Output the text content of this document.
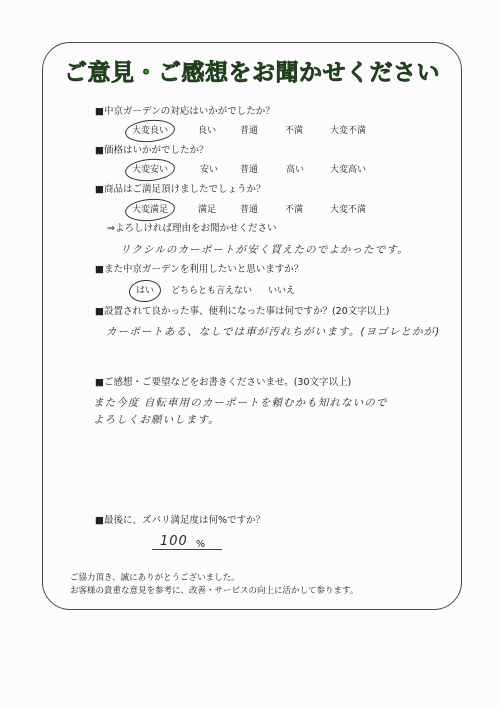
ご意見・ご感想をお聞かせください
■中京ガーデンの対応はいかがでしたか？
大変良い	良い	普通	不満	大変不満
■価格はいかがでしたか？
大変安い	安い 普通	高い	大変高い
■商品はご満足頂けましたでしょうか？
大変満足	満足	普通	不満	大変不満
⇒よろしければ理由をお聞かせください
リクシルのカーポートが安く買えたのでよかったです。
■また中京ガーデンを利用したいと思いますか？
はい どちらとも言えない いいえ
■設置されて良かった事、便利になった事は何ですか？(20文字以上)
カーポートある、なしでは車が汚れちがいます。(ヨゴレとかが)
■ご感想・ご要望などをお書きくださいませ。(30文字以上)
また今度 自転車用のカーポートを頼むかも知れないので
よろしくお願いします。
■最後に、ズバリ満足度は何%ですか？
100 %
ご協力頂き、誠にありがとうございました。
お客様の貴重な意見を参考に、改善・サービスの向上に活かして参ります。
